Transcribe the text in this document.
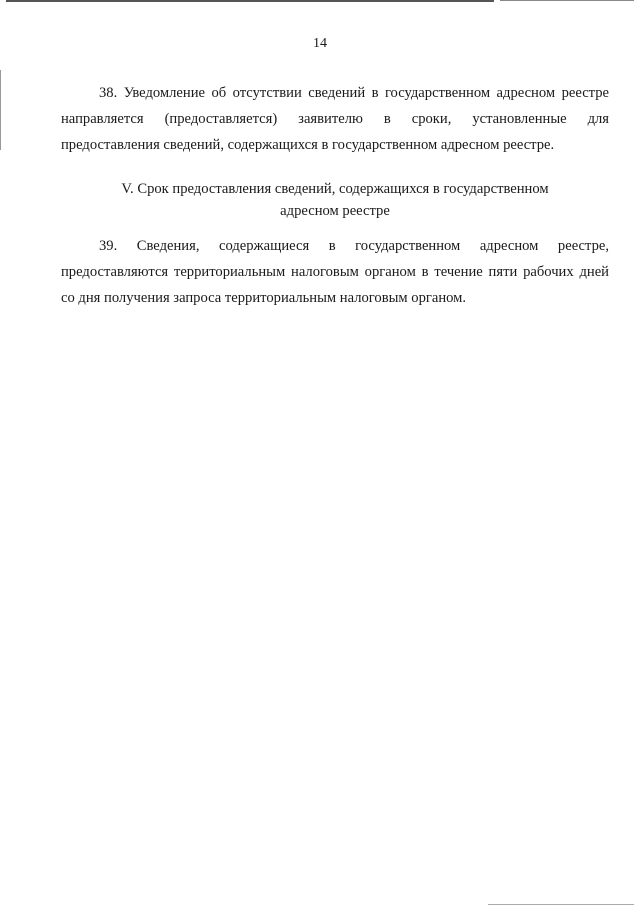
14
38. Уведомление об отсутствии сведений в государственном адресном реестре
направляется (предоставляется) заявителю в сроки, установленные для
предоставления сведений, содержащихся в государственном адресном реестре.
V. Срок предоставления сведений, содержащихся в государственном
адресном реестре
39. Сведения, содержащиеся в государственном адресном реестре,
предоставляются территориальным налоговым органом в течение пяти рабочих дней
со дня получения запроса территориальным налоговым органом.
